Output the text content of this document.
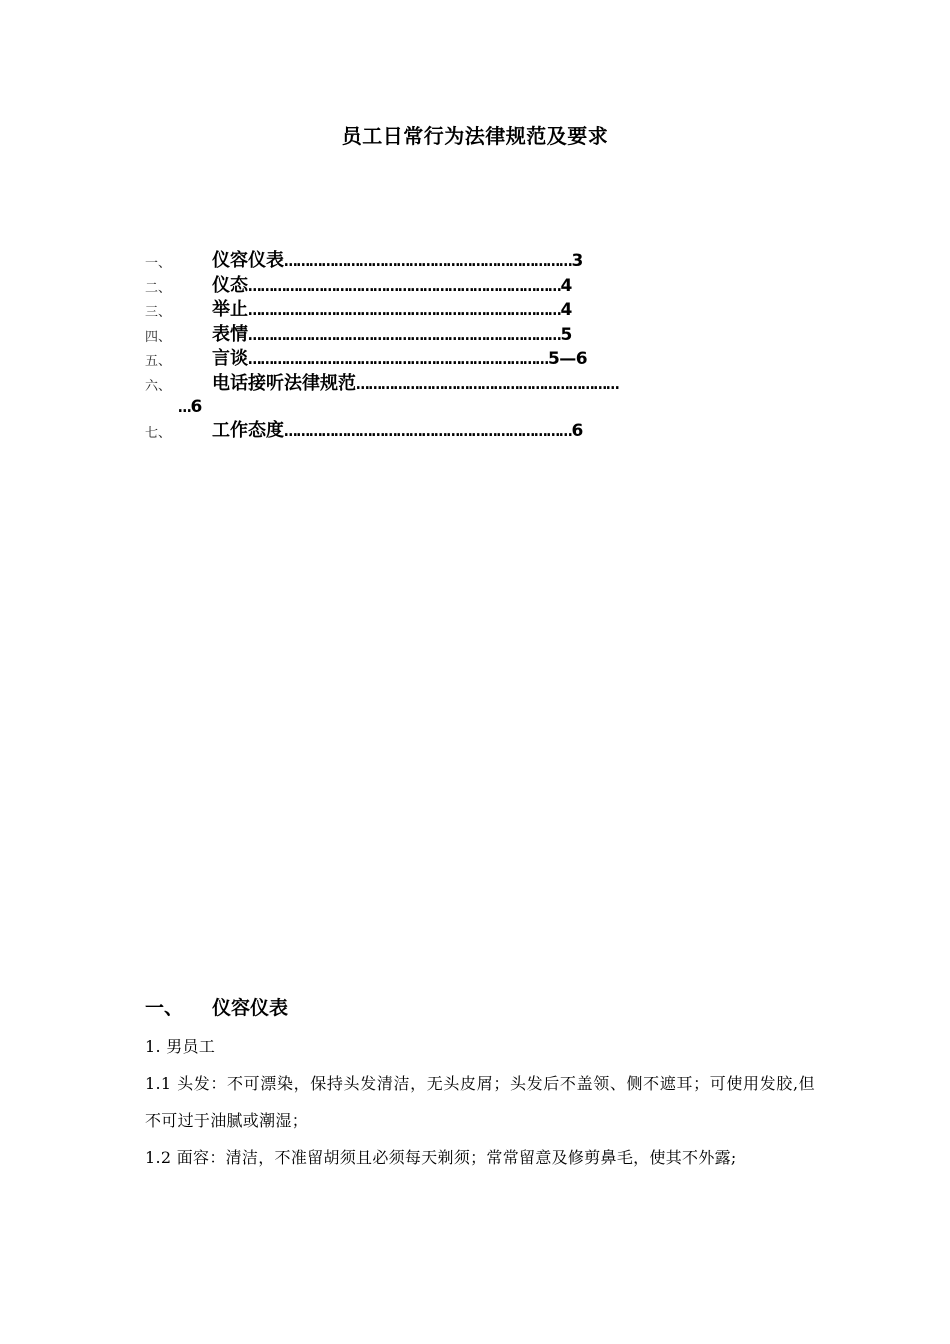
员工日常行为法律规范及要求
一、 仪容仪表……………………………………………………………3
二、 仪态…………………………………………………………………4
三、 举止…………………………………………………………………4
四、 表情…………………………………………………………………5
五、 言谈………………………………………………………………5—6
六、 电话接听法律规范………………………………………………………
…6
七、 工作态度……………………………………………………………6
一、 仪容仪表

1. 男员工

1.1 头发：不可漂染，保持头发清洁，无头皮屑；头发后不盖领、侧不遮耳；可使用发胶,但不可过于油腻或潮湿；

1.2 面容：清洁，不准留胡须且必须每天剃须；常常留意及修剪鼻毛，使其不外露;
